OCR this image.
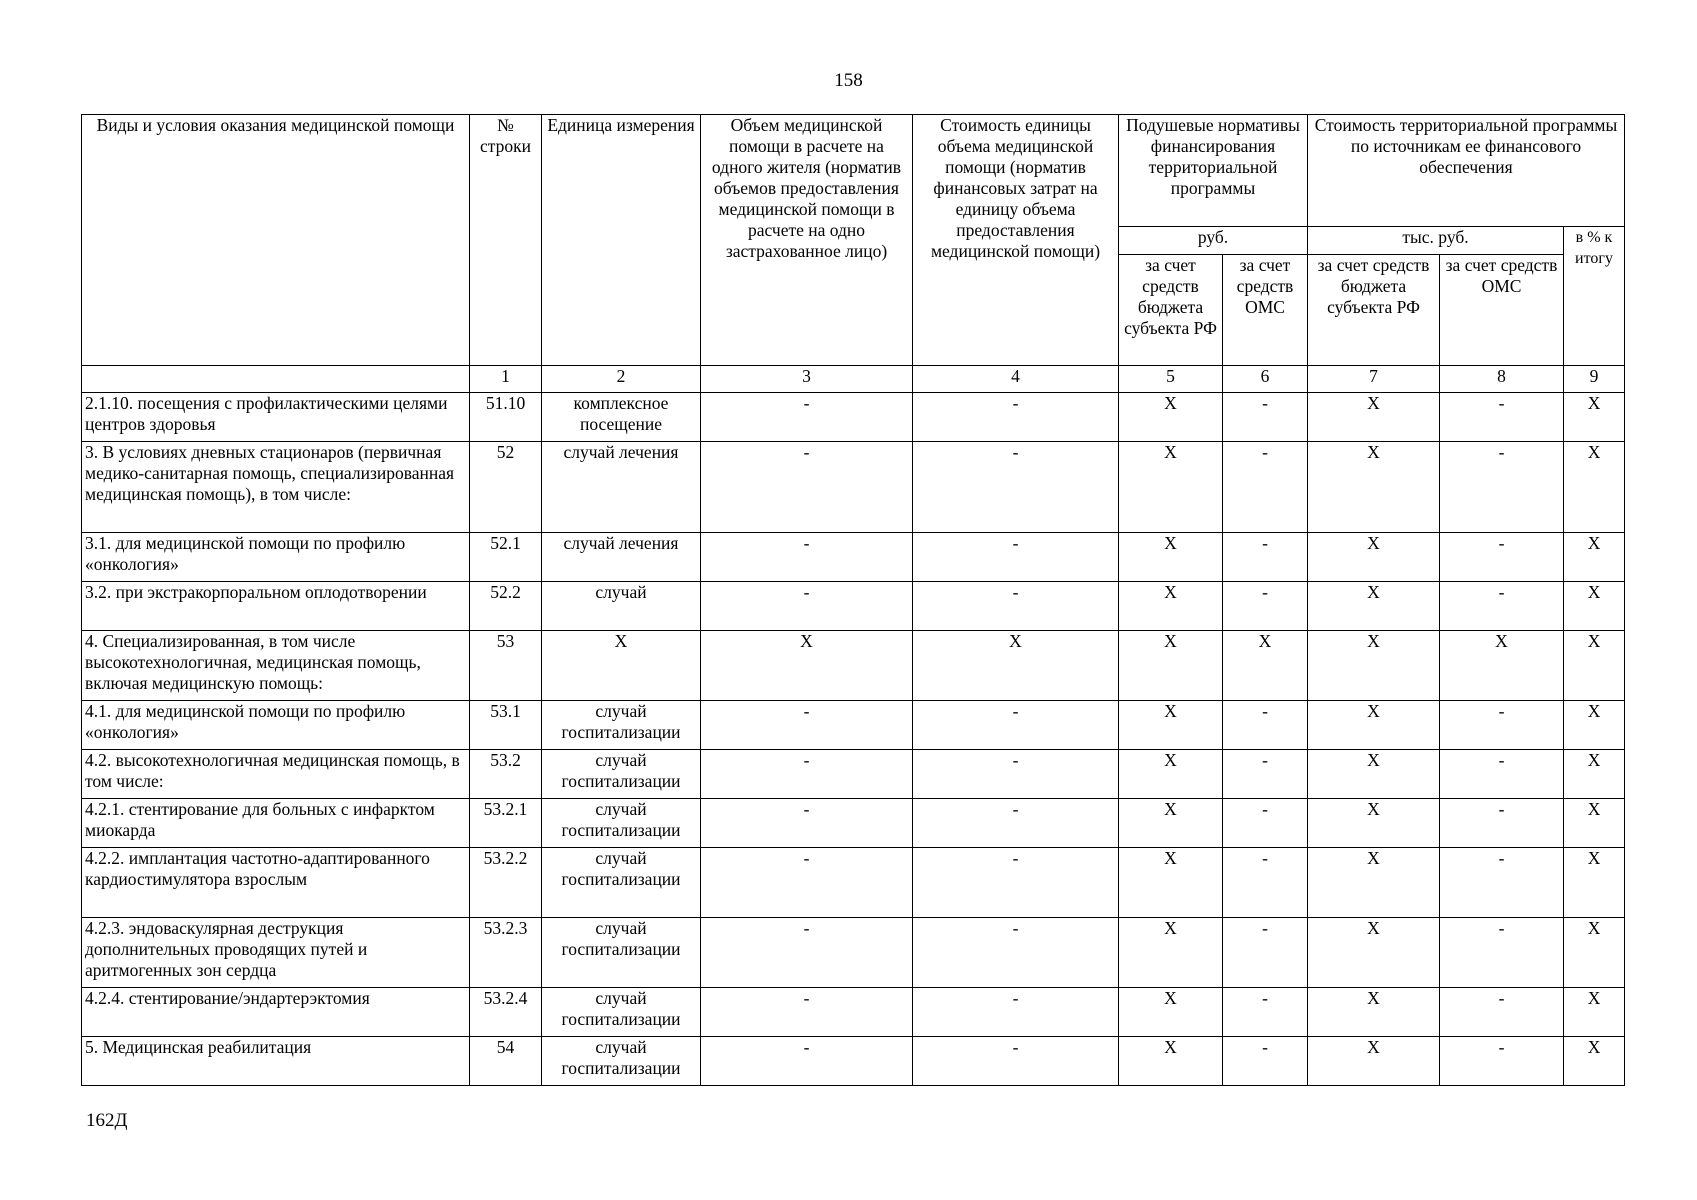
158
Виды и условия оказания медицинской помощи	№ строки	Единица измерения	Объем медицинской помощи в расчете на одного жителя (норматив объемов предоставления медицинской помощи в расчете на одно застрахованное лицо)	Стоимость единицы объема медицинской помощи (норматив финансовых затрат на единицу объема предоставления медицинской помощи)	Подушевые нормативы финансирования территориальной программы		Стоимость территориальной программы по источникам ее финансового обеспечения		
					руб.		тыс. руб.		в % к итогу
					за счет средств бюджета субъекта РФ	за счет средств ОМС	за счет средств бюджета субъекта РФ	за счет средств ОМС	
	1	2	3	4	5	6	7	8	9
2.1.10. посещения с профилактическими целями центров здоровья	51.10	комплексное посещение	-	-	X	-	X	-	X
3. В условиях дневных стационаров (первичная медико-санитарная помощь, специализированная медицинская помощь), в том числе:	52	случай лечения	-	-	X	-	X	-	X
3.1. для медицинской помощи по профилю «онкология»	52.1	случай лечения	-	-	X	-	X	-	X
3.2. при экстракорпоральном оплодотворении	52.2	случай	-	-	X	-	X	-	X
4. Специализированная, в том числе высокотехнологичная, медицинская помощь, включая медицинскую помощь:	53	X	X	X	X	X	X	X	X
4.1. для медицинской помощи по профилю «онкология»	53.1	случай госпитализации	-	-	X	-	X	-	X
4.2. высокотехнологичная медицинская помощь, в том числе:	53.2	случай госпитализации	-	-	X	-	X	-	X
4.2.1. стентирование для больных с инфарктом миокарда	53.2.1	случай госпитализации	-	-	X	-	X	-	X
4.2.2. имплантация частотно-адаптированного кардиостимулятора взрослым	53.2.2	случай госпитализации	-	-	X	-	X	-	X
4.2.3. эндоваскулярная деструкция дополнительных проводящих путей и аритмогенных зон сердца	53.2.3	случай госпитализации	-	-	X	-	X	-	X
4.2.4. стентирование/эндартерэктомия	53.2.4	случай госпитализации	-	-	X	-	X	-	X
5. Медицинская реабилитация	54	случай госпитализации	-	-	X	-	X	-	X
162Д
